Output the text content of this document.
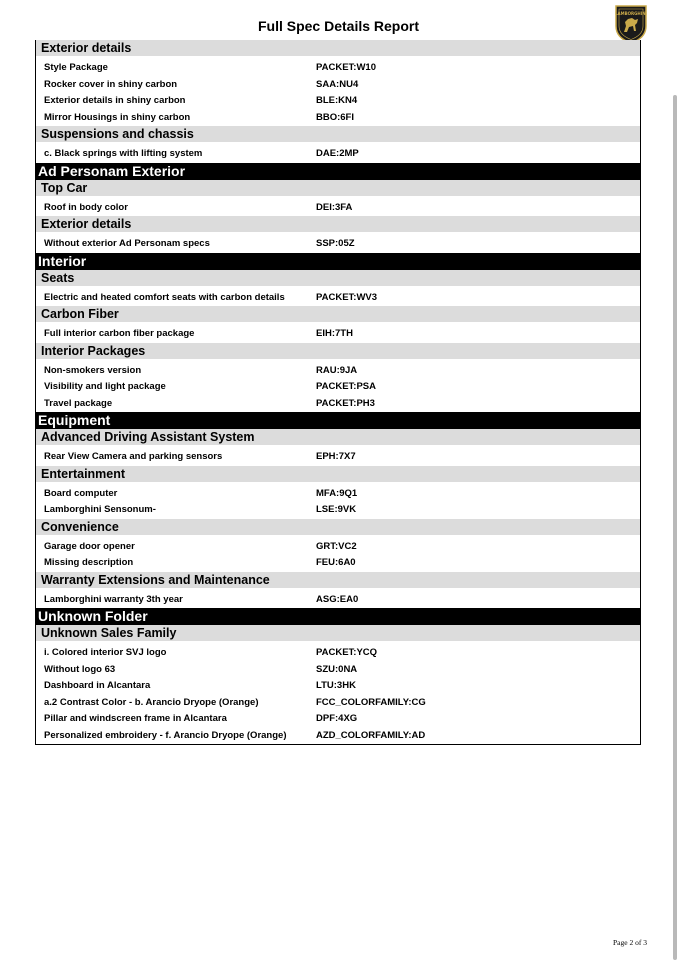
Full Spec Details Report
LAMBORGHINI
Exterior details
Style Package	PACKET:W10
Rocker cover in shiny carbon	SAA:NU4
Exterior details in shiny carbon	BLE:KN4
Mirror Housings in shiny carbon	BBO:6FI
Suspensions and chassis
c. Black springs with lifting system	DAE:2MP
Ad Personam Exterior
Top Car
Roof in body color	DEI:3FA
Exterior details
Without exterior Ad Personam specs	SSP:05Z
Interior
Seats
Electric and heated comfort seats with carbon details	PACKET:WV3
Carbon Fiber
Full interior carbon fiber package	EIH:7TH
Interior Packages
Non-smokers version	RAU:9JA
Visibility and light package	PACKET:PSA
Travel package	PACKET:PH3
Equipment
Advanced Driving Assistant System
Rear View Camera and parking sensors	EPH:7X7
Entertainment
Board computer	MFA:9Q1
Lamborghini Sensonum-	LSE:9VK
Convenience
Garage door opener	GRT:VC2
Missing description	FEU:6A0
Warranty Extensions and Maintenance
Lamborghini warranty 3th year	ASG:EA0
Unknown Folder
Unknown Sales Family
i. Colored interior SVJ logo	PACKET:YCQ
Without logo 63	SZU:0NA
Dashboard in Alcantara	LTU:3HK
a.2 Contrast Color - b. Arancio Dryope (Orange)	FCC_COLORFAMILY:CG
Pillar and windscreen frame in Alcantara	DPF:4XG
Personalized embroidery - f. Arancio Dryope (Orange)	AZD_COLORFAMILY:AD
Page 2 of 3
